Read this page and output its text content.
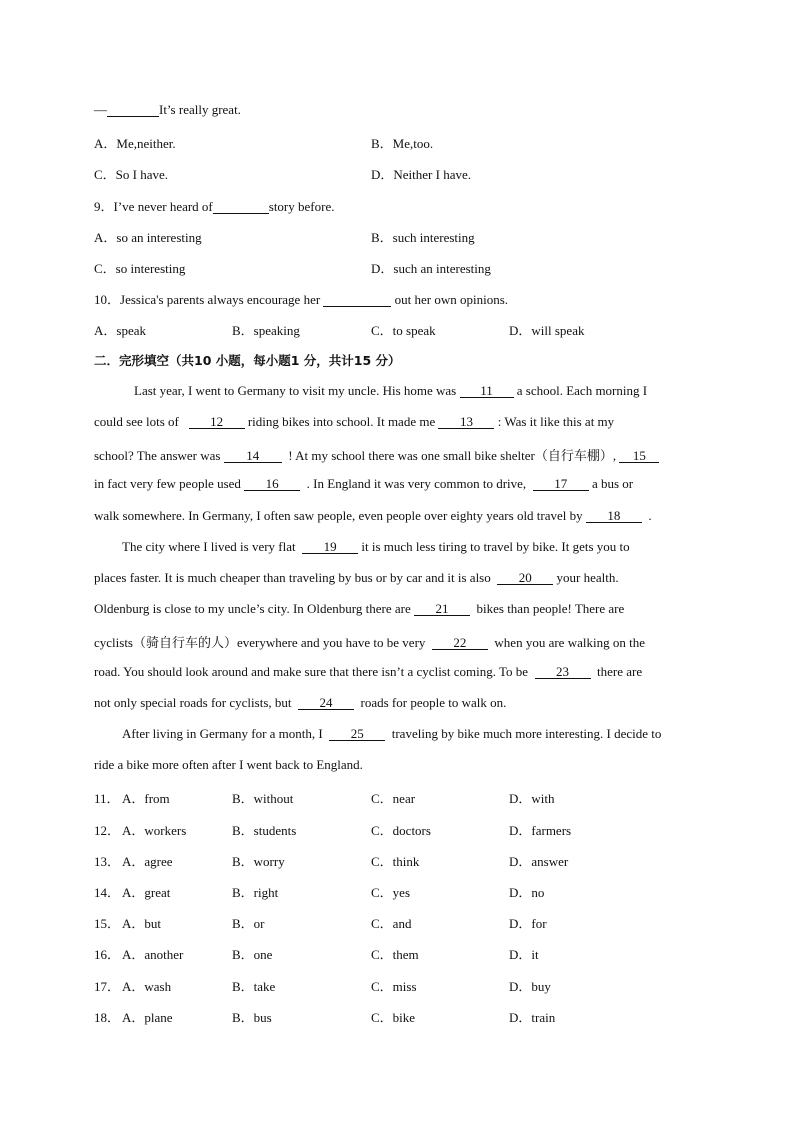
—	It’s really great.
A．Me,neither.	B．Me,too.
C．So I have.	D．Neither I have.
9．I’ve never heard of	story before.
A．so an interesting	B．such interesting
C．so interesting	D．such an interesting
10．Jessica's parents always encourage her	out her own opinions.
A．speak	B．speaking	C．to speak	D．will speak
二．完形填空（共10 小题，每小题1 分，共计15 分）
Last year, I went to Germany to visit my uncle. His home was 11 a school. Each morning I
could see lots of 12 riding bikes into school. It made me 13 : Was it like this at my
school? The answer was 14 ! At my school there was one small bike shelter（自行车棚）, 15
in fact very few people used 16 . In England it was very common to drive, 17 a bus or
walk somewhere. In Germany, I often saw people, even people over eighty years old travel by 18 .
The city where I lived is very flat 19 it is much less tiring to travel by bike. It gets you to
places faster. It is much cheaper than traveling by bus or by car and it is also 20 your health.
Oldenburg is close to my uncle’s city. In Oldenburg there are 21 bikes than people! There are
cyclists（骑自行车的人）everywhere and you have to be very 22 when you are walking on the
road. You should look around and make sure that there isn’t a cyclist coming. To be 23 there are
not only special roads for cyclists, but 24 roads for people to walk on.
After living in Germany for a month, I 25 traveling by bike much more interesting. I decide to
ride a bike more often after I went back to England.
11． A．from	B．without	C．near	D．with
12． A．workers	B．students	C．doctors	D．farmers
13． A．agree	B．worry	C．think	D．answer
14． A．great	B．right	C．yes	D．no
15． A．but	B．or	C．and	D．for
16． A．another	B．one	C．them	D．it
17． A．wash	B．take	C．miss	D．buy
18． A．plane	B．bus	C．bike	D．train
